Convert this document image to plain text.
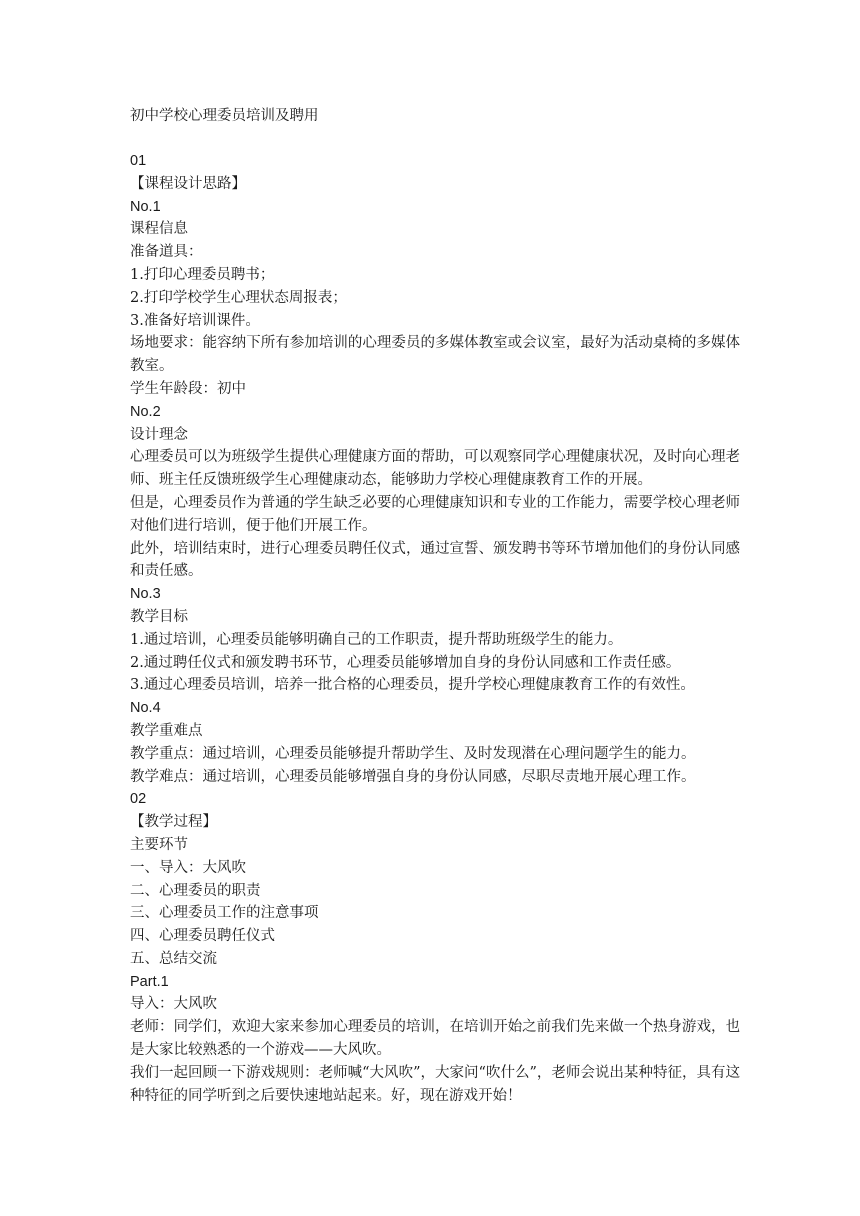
初中学校心理委员培训及聘用
01
【课程设计思路】
No.1
课程信息
准备道具：
1.打印心理委员聘书；
2.打印学校学生心理状态周报表；
3.准备好培训课件。
场地要求：能容纳下所有参加培训的心理委员的多媒体教室或会议室，最好为活动桌椅的多媒体教室。
学生年龄段：初中
No.2
设计理念
心理委员可以为班级学生提供心理健康方面的帮助，可以观察同学心理健康状况，及时向心理老师、班主任反馈班级学生心理健康动态，能够助力学校心理健康教育工作的开展。
但是，心理委员作为普通的学生缺乏必要的心理健康知识和专业的工作能力，需要学校心理老师对他们进行培训，便于他们开展工作。
此外，培训结束时，进行心理委员聘任仪式，通过宣誓、颁发聘书等环节增加他们的身份认同感和责任感。
No.3
教学目标
1.通过培训，心理委员能够明确自己的工作职责，提升帮助班级学生的能力。
2.通过聘任仪式和颁发聘书环节，心理委员能够增加自身的身份认同感和工作责任感。
3.通过心理委员培训，培养一批合格的心理委员，提升学校心理健康教育工作的有效性。
No.4
教学重难点
教学重点：通过培训，心理委员能够提升帮助学生、及时发现潜在心理问题学生的能力。
教学难点：通过培训，心理委员能够增强自身的身份认同感，尽职尽责地开展心理工作。
02
【教学过程】
主要环节
一、导入：大风吹
二、心理委员的职责
三、心理委员工作的注意事项
四、心理委员聘任仪式
五、总结交流
Part.1
导入：大风吹
老师：同学们，欢迎大家来参加心理委员的培训，在培训开始之前我们先来做一个热身游戏，也是大家比较熟悉的一个游戏——大风吹。
我们一起回顾一下游戏规则：老师喊“大风吹”，大家问“吹什么”，老师会说出某种特征，具有这种特征的同学听到之后要快速地站起来。好，现在游戏开始！
